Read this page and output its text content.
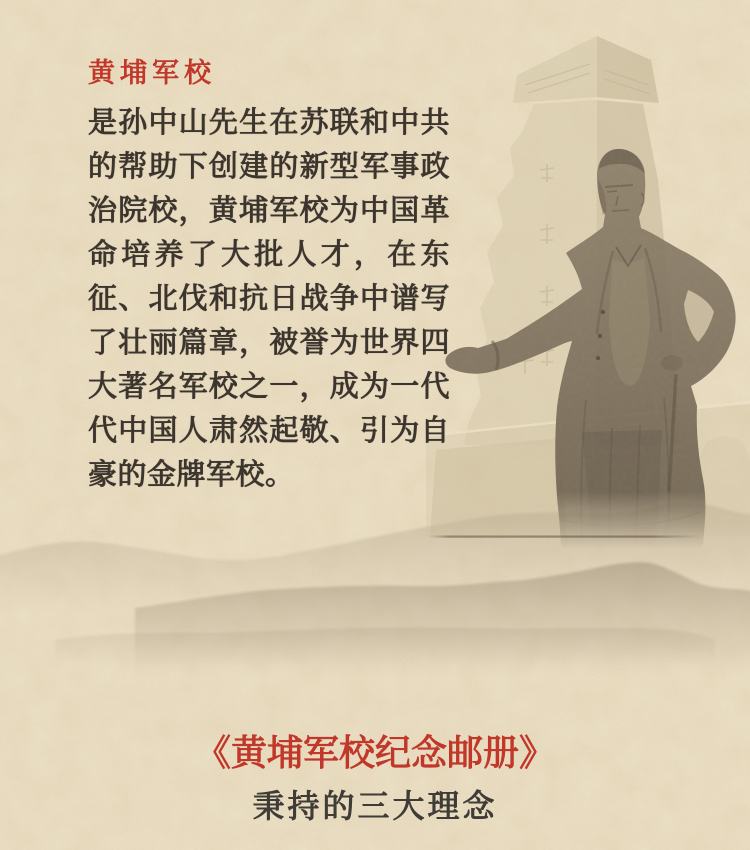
黄埔军校

是孙中山先生在苏联和中共的帮助下创建的新型军事政治院校，黄埔军校为中国革命培养了大批人才，在东征、北伐和抗日战争中谱写了壮丽篇章，被誉为世界四大著名军校之一，成为一代代中国人肃然起敬、引为自豪的金牌军校。

《黄埔军校纪念邮册》
秉持的三大理念
